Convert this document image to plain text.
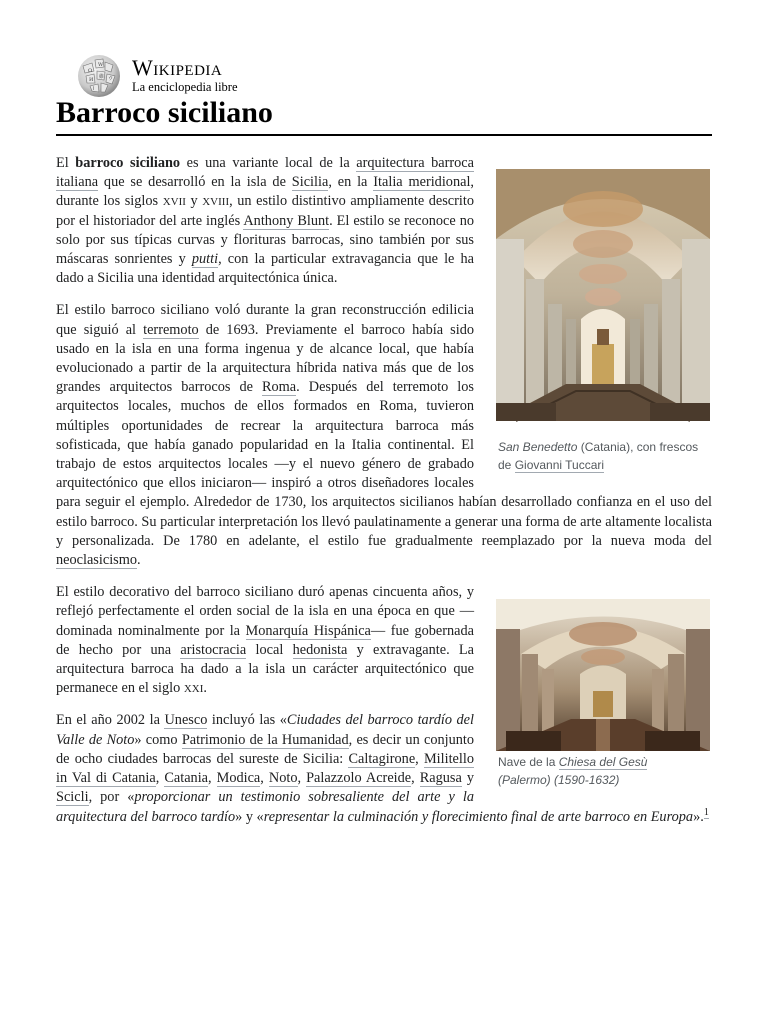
Ω
W
И 維 ウ
ا
Wikipedia
La enciclopedia libre
Barroco siciliano
San Benedetto (Catania), con frescos de Giovanni Tuccari

El barroco siciliano es una variante local de la arquitectura barroca italiana que se desarrolló en la isla de Sicilia, en la Italia meridional, durante los siglos xvii y xviii, un estilo distintivo ampliamente descrito por el historiador del arte inglés Anthony Blunt. El estilo se reconoce no solo por sus típicas curvas y florituras barrocas, sino también por sus máscaras sonrientes y putti, con la particular extravagancia que le ha dado a Sicilia una identidad arquitectónica única.

El estilo barroco siciliano voló durante la gran reconstrucción edilicia que siguió al terremoto de 1693. Previamente el barroco había sido usado en la isla en una forma ingenua y de alcance local, que había evolucionado a partir de la arquitectura híbrida nativa más que de los grandes arquitectos barrocos de Roma. Después del terremoto los arquitectos locales, muchos de ellos formados en Roma, tuvieron múltiples oportunidades de recrear la arquitectura barroca más sofisticada, que había ganado popularidad en la Italia continental. El trabajo de estos arquitectos locales —y el nuevo género de grabado arquitectónico que ellos iniciaron— inspiró a otros diseñadores locales para seguir el ejemplo. Alrededor de 1730, los arquitectos sicilianos habían desarrollado confianza en el uso del estilo barroco. Su particular interpretación los llevó paulatinamente a generar una forma de arte altamente localista y personalizada. De 1780 en adelante, el estilo fue gradualmente reemplazado por la nueva moda del neoclasicismo.

Nave de la Chiesa del Gesù
(Palermo) (1590-1632)

El estilo decorativo del barroco siciliano duró apenas cincuenta años, y reflejó perfectamente el orden social de la isla en una época en que —dominada nominalmente por la Monarquía Hispánica— fue gobernada de hecho por una aristocracia local hedonista y extravagante. La arquitectura barroca ha dado a la isla un carácter arquitectónico que permanece en el siglo xxi.

En el año 2002 la Unesco incluyó las «Ciudades del barroco tardío del Valle de Noto» como Patrimonio de la Humanidad, es decir un conjunto de ocho ciudades barrocas del sureste de Sicilia: Caltagirone, Militello in Val di Catania, Catania, Modica, Noto, Palazzolo Acreide, Ragusa y Scicli, por «proporcionar un testimonio sobresaliente del arte y la arquitectura del barroco tardío» y «representar la culminación y florecimiento final de arte barroco en Europa».$^1$
